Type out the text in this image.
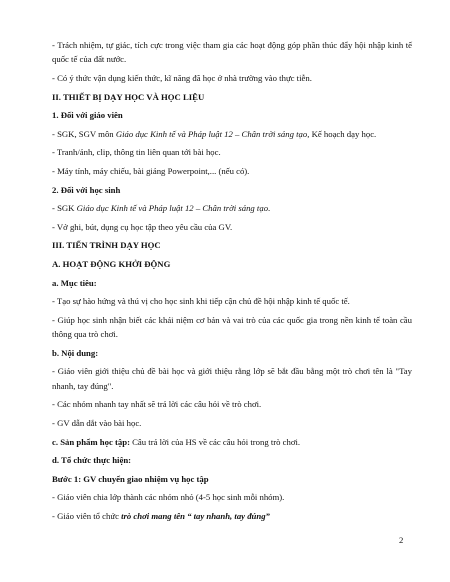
- Trách nhiệm, tự giác, tích cực trong việc tham gia các hoạt động góp phần thúc đẩy hội nhập kinh tế quốc tế của đất nước.

- Có ý thức vận dụng kiến thức, kĩ năng đã học ở nhà trường vào thực tiễn.

II. THIẾT BỊ DẠY HỌC VÀ HỌC LIỆU

1. Đối với giáo viên

- SGK, SGV môn Giáo dục Kinh tế và Pháp luật 12 – Chân trời sáng tạo, Kế hoạch dạy học.

- Tranh/ảnh, clip, thông tin liên quan tới bài học.

- Máy tính, máy chiếu, bài giảng Powerpoint,... (nếu có).

2. Đối với học sinh

- SGK Giáo dục Kinh tế và Pháp luật 12 – Chân trời sáng tạo.

- Vở ghi, bút, dụng cụ học tập theo yêu cầu của GV.

III. TIẾN TRÌNH DẠY HỌC

A. HOẠT ĐỘNG KHỞI ĐỘNG

a. Mục tiêu:

- Tạo sự hào hứng và thú vị cho học sinh khi tiếp cận chủ đề hội nhập kinh tế quốc tế.

- Giúp học sinh nhận biết các khái niệm cơ bản và vai trò của các quốc gia trong nền kinh tế toàn cầu thông qua trò chơi.

b. Nội dung:

- Giáo viên giới thiệu chủ đề bài học và giới thiệu rằng lớp sẽ bắt đầu bằng một trò chơi tên là "Tay nhanh, tay đúng".

- Các nhóm nhanh tay nhất sẽ trả lời các câu hỏi về trò chơi.

- GV dẫn dắt vào bài học.

c. Sản phẩm học tập: Câu trả lời của HS về các câu hỏi trong trò chơi.

d. Tổ chức thực hiện:

Bước 1: GV chuyển giao nhiệm vụ học tập

- Giáo viên chia lớp thành các nhóm nhỏ (4-5 học sinh mỗi nhóm).

- Giáo viên tổ chức trò chơi mang tên “ tay nhanh, tay đúng”

2
